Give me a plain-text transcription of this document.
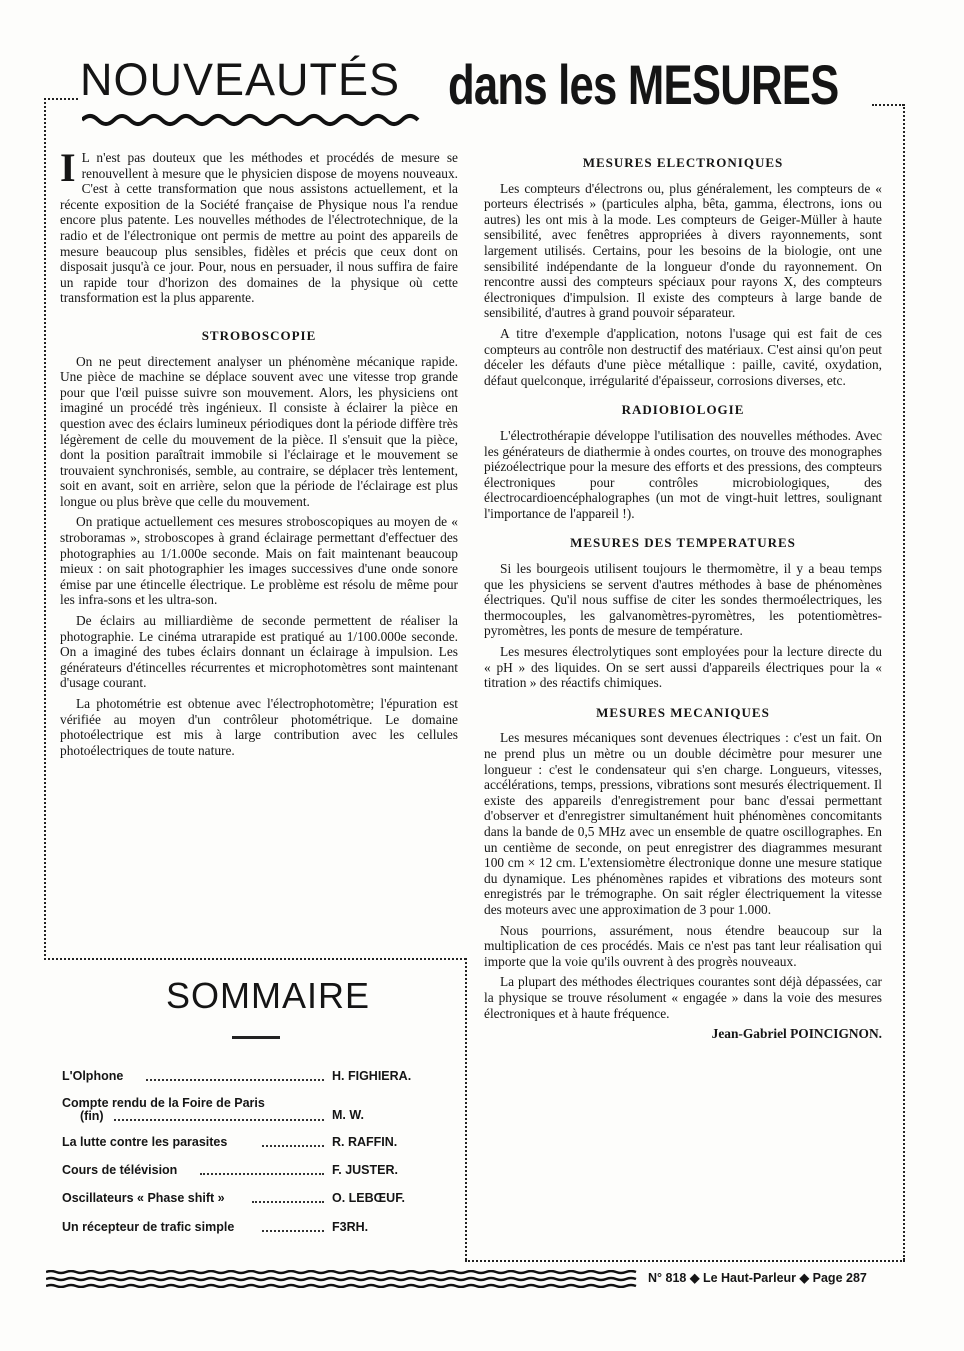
NOUVEAUTÉS dans les MESURES

I L n'est pas douteux que les méthodes et procédés de mesure se renouvellent à mesure que le physicien dispose de moyens nouveaux. C'est à cette transformation que nous assistons actuellement, et la récente exposition de la Société française de Physique nous l'a rendue encore plus patente. Les nouvelles méthodes de l'électrotechnique, de la radio et de l'électronique ont permis de mettre au point des appareils de mesure beaucoup plus sensibles, fidèles et précis que ceux dont on disposait jusqu'à ce jour. Pour, nous en persuader, il nous suffira de faire un rapide tour d'horizon des domaines de la physique où cette transformation est la plus apparente.

STROBOSCOPIE

On ne peut directement analyser un phénomène mécanique rapide. Une pièce de machine se déplace souvent avec une vitesse trop grande pour que l'œil puisse suivre son mouvement. Alors, les physiciens ont imaginé un procédé très ingénieux. Il consiste à éclairer la pièce en question avec des éclairs lumineux périodiques dont la période diffère très légèrement de celle du mouvement de la pièce. Il s'ensuit que la pièce, dont la position paraîtrait immobile si l'éclairage et le mouvement se trouvaient synchronisés, semble, au contraire, se déplacer très lentement, soit en avant, soit en arrière, selon que la période de l'éclairage est plus longue ou plus brève que celle du mouvement.

On pratique actuellement ces mesures stroboscopiques au moyen de « stroboramas », stroboscopes à grand éclairage permettant d'effectuer des photographies au 1/1.000e seconde. Mais on fait maintenant beaucoup mieux : on sait photographier les images successives d'une onde sonore émise par une étincelle électrique. Le problème est résolu de même pour les infra-sons et les ultra-son.

De éclairs au milliardième de seconde permettent de réaliser la photographie. Le cinéma utrarapide est pratiqué au 1/100.000e seconde. On a imaginé des tubes éclairs donnant un éclairage à impulsion. Les générateurs d'étincelles récurrentes et microphotomètres sont maintenant d'usage courant.

La photométrie est obtenue avec l'électrophotomètre; l'épuration est vérifiée au moyen d'un contrôleur photométrique. Le domaine photoélectrique est mis à large contribution avec les cellules photoélectriques de toute nature.

MESURES ELECTRONIQUES

Les compteurs d'électrons ou, plus généralement, les compteurs de « porteurs électrisés » (particules alpha, bêta, gamma, électrons, ions ou autres) les ont mis à la mode. Les compteurs de Geiger-Müller à haute sensibilité, avec fenêtres appropriées à divers rayonnements, sont largement utilisés. Certains, pour les besoins de la biologie, ont une sensibilité indépendante de la longueur d'onde du rayonnement. On rencontre aussi des compteurs spéciaux pour rayons X, des compteurs électroniques d'impulsion. Il existe des compteurs à large bande de sensibilité, d'autres à grand pouvoir séparateur.

A titre d'exemple d'application, notons l'usage qui est fait de ces compteurs au contrôle non destructif des matériaux. C'est ainsi qu'on peut déceler les défauts d'une pièce métallique : paille, cavité, oxydation, défaut quelconque, irrégularité d'épaisseur, corrosions diverses, etc.

RADIOBIOLOGIE

L'électrothérapie développe l'utilisation des nouvelles méthodes. Avec les générateurs de diathermie à ondes courtes, on trouve des monographes piézoélectrique pour la mesure des efforts et des pressions, des compteurs électroniques pour contrôles microbiologiques, des électrocardioencéphalographes (un mot de vingt-huit lettres, soulignant l'importance de l'appareil !).

MESURES DES TEMPERATURES

Si les bourgeois utilisent toujours le thermomètre, il y a beau temps que les physiciens se servent d'autres méthodes à base de phénomènes électriques. Qu'il nous suffise de citer les sondes thermoélectriques, les thermocouples, les galvanomètres-pyromètres, les potentiomètres-pyromètres, les ponts de mesure de température.

Les mesures électrolytiques sont employées pour la lecture directe du « pH » des liquides. On se sert aussi d'appareils électriques pour la « titration » des réactifs chimiques.

MESURES MECANIQUES

Les mesures mécaniques sont devenues électriques : c'est un fait. On ne prend plus un mètre ou un double décimètre pour mesurer une longueur : c'est le condensateur qui s'en charge. Longueurs, vitesses, accélérations, temps, pressions, vibrations sont mesurés électriquement. Il existe des appareils d'enregistrement pour banc d'essai permettant d'observer et d'enregistrer simultanément huit phénomènes concomitants dans la bande de 0,5 MHz avec un ensemble de quatre oscillographes. En un centième de seconde, on peut enregistrer des diagrammes mesurant 100 cm × 12 cm. L'extensiomètre électronique donne une mesure statique du dynamique. Les phénomènes rapides et vibrations des moteurs sont enregistrés par le trémographe. On sait régler électriquement la vitesse des moteurs avec une approximation de 3 pour 1.000.

Nous pourrions, assurément, nous étendre beaucoup sur la multiplication de ces procédés. Mais ce n'est pas tant leur réalisation qui importe que la voie qu'ils ouvrent à des progrès nouveaux.

La plupart des méthodes électriques courantes sont déjà dépassées, car la physique se trouve résolument « engagée » dans la voie des mesures électroniques et à haute fréquence.

Jean-Gabriel POINCIGNON.
SOMMAIRE
L'Olphone	H. FIGHIERA.
Compte rendu de la Foire de Paris
(fin)	M. W.
La lutte contre les parasites	R. RAFFIN.
Cours de télévision	F. JUSTER.
Oscillateurs « Phase shift »	O. LEBŒUF.
Un récepteur de trafic simple	F3RH.
N° 818 ◆ Le Haut-Parleur ◆ Page 287
